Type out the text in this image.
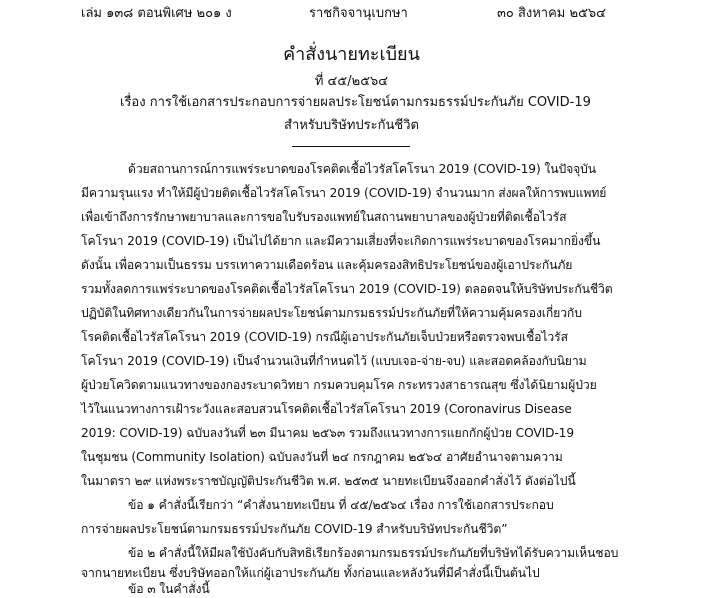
เล่ม ๑๓๘ ตอนพิเศษ ๒๐๑ ง	ราชกิจจานุเบกษา	๓๐ สิงหาคม ๒๕๖๔
คำสั่งนายทะเบียน
ที่ ๔๕/๒๕๖๔
เรื่อง การใช้เอกสารประกอบการจ่ายผลประโยชน์ตามกรมธรรม์ประกันภัย COVID-19
สำหรับบริษัทประกันชีวิต
ด้วยสถานการณ์การแพร่ระบาดของโรคติดเชื้อไวรัสโคโรนา 2019 (COVID-19) ในปัจจุบัน
มีความรุนแรง ทำให้มีผู้ป่วยติดเชื้อไวรัสโคโรนา 2019 (COVID-19) จำนวนมาก ส่งผลให้การพบแพทย์
เพื่อเข้าถึงการรักษาพยาบาลและการขอใบรับรองแพทย์ในสถานพยาบาลของผู้ป่วยที่ติดเชื้อไวรัส
โคโรนา 2019 (COVID-19) เป็นไปได้ยาก และมีความเสี่ยงที่จะเกิดการแพร่ระบาดของโรคมากยิ่งขึ้น
ดังนั้น เพื่อความเป็นธรรม บรรเทาความเดือดร้อน และคุ้มครองสิทธิประโยชน์ของผู้เอาประกันภัย
รวมทั้งลดการแพร่ระบาดของโรคติดเชื้อไวรัสโคโรนา 2019 (COVID-19) ตลอดจนให้บริษัทประกันชีวิต
ปฏิบัติในทิศทางเดียวกันในการจ่ายผลประโยชน์ตามกรมธรรม์ประกันภัยที่ให้ความคุ้มครองเกี่ยวกับ
โรคติดเชื้อไวรัสโคโรนา 2019 (COVID-19) กรณีผู้เอาประกันภัยเจ็บป่วยหรือตรวจพบเชื้อไวรัส
โคโรนา 2019 (COVID-19) เป็นจำนวนเงินที่กำหนดไว้ (แบบเจอ-จ่าย-จบ) และสอดคล้องกับนิยาม
ผู้ป่วยโควิดตามแนวทางของกองระบาดวิทยา กรมควบคุมโรค กระทรวงสาธารณสุข ซึ่งได้นิยามผู้ป่วย
ไว้ในแนวทางการเฝ้าระวังและสอบสวนโรคติดเชื้อไวรัสโคโรนา 2019 (Coronavirus Disease
2019: COVID-19) ฉบับลงวันที่ ๒๓ มีนาคม ๒๕๖๓ รวมถึงแนวทางการแยกกักผู้ป่วย COVID-19
ในชุมชน (Community Isolation) ฉบับลงวันที่ ๒๔ กรกฎาคม ๒๕๖๔ อาศัยอำนาจตามความ
ในมาตรา ๒๙ แห่งพระราชบัญญัติประกันชีวิต พ.ศ. ๒๕๓๕ นายทะเบียนจึงออกคำสั่งไว้ ดังต่อไปนี้
ข้อ ๑ คำสั่งนี้เรียกว่า “คำสั่งนายทะเบียน ที่ ๔๕/๒๕๖๔ เรื่อง การใช้เอกสารประกอบ
การจ่ายผลประโยชน์ตามกรมธรรม์ประกันภัย COVID-19 สำหรับบริษัทประกันชีวิต”
ข้อ ๒ คำสั่งนี้ให้มีผลใช้บังคับกับสิทธิเรียกร้องตามกรมธรรม์ประกันภัยที่บริษัทได้รับความเห็นชอบ
จากนายทะเบียน ซึ่งบริษัทออกให้แก่ผู้เอาประกันภัย ทั้งก่อนและหลังวันที่มีคำสั่งนี้เป็นต้นไป
ข้อ ๓ ในคำสั่งนี้
